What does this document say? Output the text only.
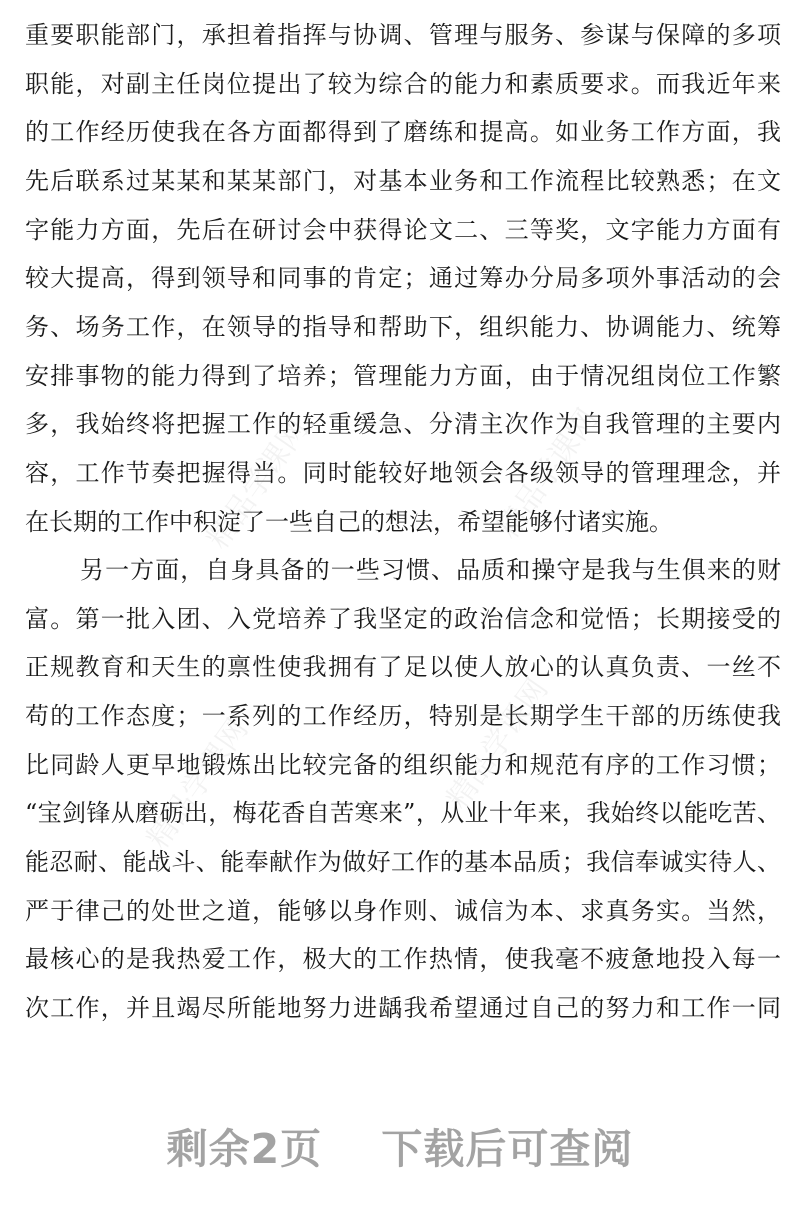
精品学课网	精品学课网
精品学课网	精品学课网
重要职能部门，承担着指挥与协调、管理与服务、参谋与保障的多项
职能，对副主任岗位提出了较为综合的能力和素质要求。而我近年来
的工作经历使我在各方面都得到了磨练和提高。如业务工作方面，我
先后联系过某某和某某部门，对基本业务和工作流程比较熟悉；在文
字能力方面，先后在研讨会中获得论文二、三等奖，文字能力方面有
较大提高，得到领导和同事的肯定；通过筹办分局多项外事活动的会
务、场务工作，在领导的指导和帮助下，组织能力、协调能力、统筹
安排事物的能力得到了培养；管理能力方面，由于情况组岗位工作繁
多，我始终将把握工作的轻重缓急、分清主次作为自我管理的主要内
容，工作节奏把握得当。同时能较好地领会各级领导的管理理念，并
在长期的工作中积淀了一些自己的想法，希望能够付诸实施。
另一方面，自身具备的一些习惯、品质和操守是我与生俱来的财
富。第一批入团、入党培养了我坚定的政治信念和觉悟；长期接受的
正规教育和天生的禀性使我拥有了足以使人放心的认真负责、一丝不
苟的工作态度；一系列的工作经历，特别是长期学生干部的历练使我
比同龄人更早地锻炼出比较完备的组织能力和规范有序的工作习惯；
“宝剑锋从磨砺出，梅花香自苦寒来”，从业十年来，我始终以能吃苦、
能忍耐、能战斗、能奉献作为做好工作的基本品质；我信奉诚实待人、
严于律己的处世之道，能够以身作则、诚信为本、求真务实。当然，
最核心的是我热爱工作，极大的工作热情，使我毫不疲惫地投入每一
次工作，并且竭尽所能地努力进龋我希望通过自己的努力和工作一同
剩余2页 下载后可查阅
